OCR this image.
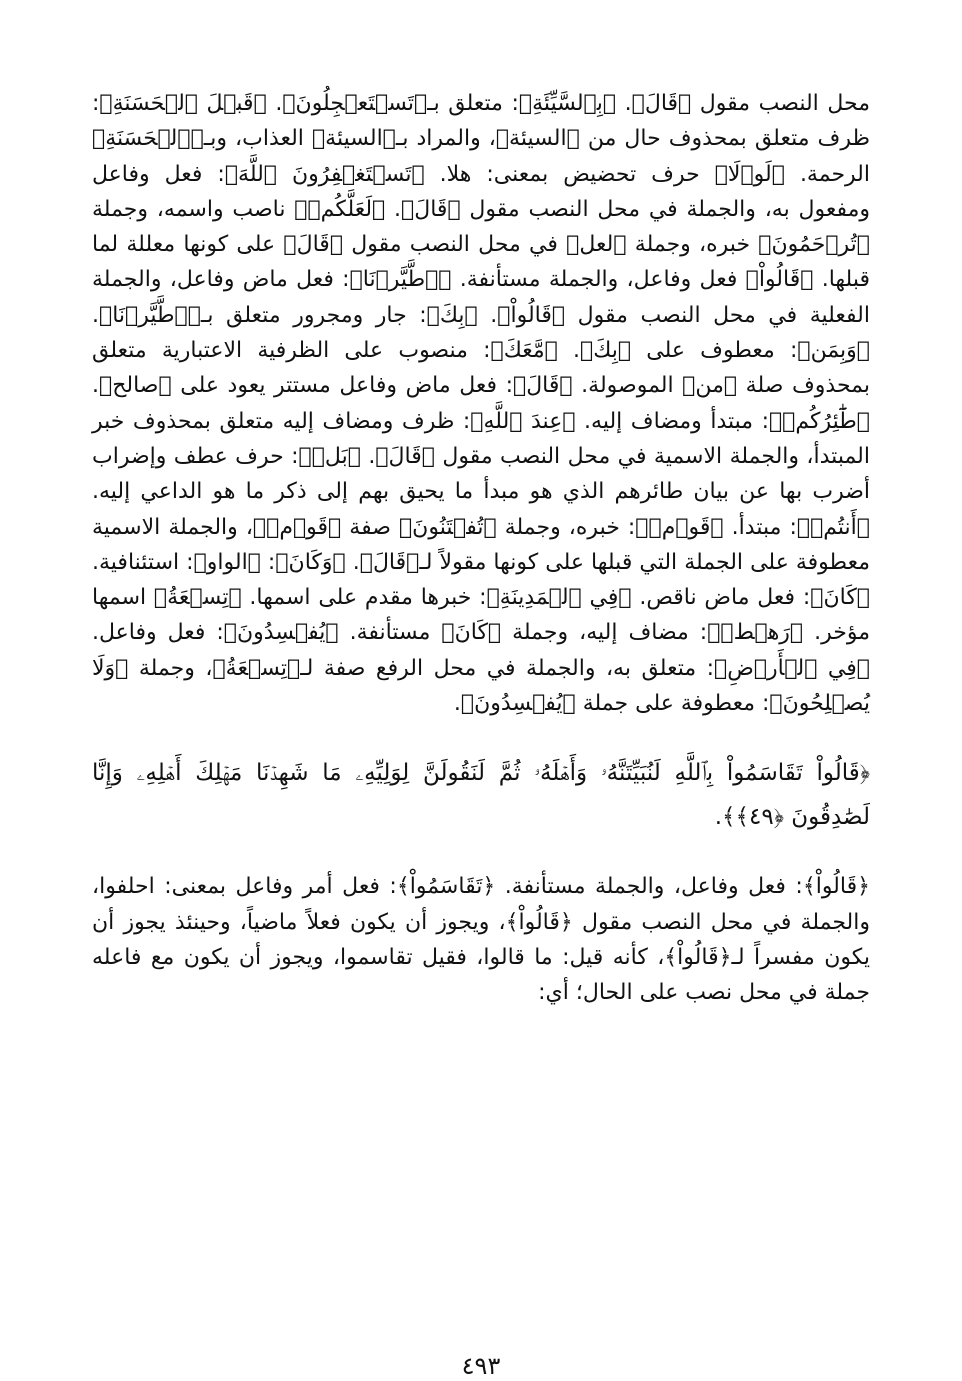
محل النصب مقول ﴿قَالَ﴾. ﴿بِٱلسَّيِّئَةِ﴾: متعلق بـ﴿تَسۡتَعۡجِلُونَ﴾. ﴿قَبۡلَ ٱلۡحَسَنَةِ﴾: ظرف متعلق بمحذوف حال من ﴿السيئة﴾، والمراد بـ﴿السيئة﴾ العذاب، وبـ﴿ٱلۡحَسَنَةِ﴾ الرحمة. ﴿لَوۡلَا﴾ حرف تحضيض بمعنى: هلا. ﴿تَسۡتَغۡفِرُونَ ٱللَّهَ﴾: فعل وفاعل ومفعول به، والجملة في محل النصب مقول ﴿قَالَ﴾. ﴿لَعَلَّكُمۡ﴾ ناصب واسمه، وجملة ﴿تُرۡحَمُونَ﴾ خبره، وجملة ﴿لعل﴾ في محل النصب مقول ﴿قَالَ﴾ على كونها معللة لما قبلها. ﴿قَالُواْ﴾ فعل وفاعل، والجملة مستأنفة. ﴿ٱطَّيَّرۡنَا﴾: فعل ماض وفاعل، والجملة الفعلية في محل النصب مقول ﴿قَالُواْ﴾. ﴿بِكَ﴾: جار ومجرور متعلق بـ﴿ٱطَّيَّرۡنَا﴾. ﴿وَبِمَن﴾: معطوف على ﴿بِكَ﴾. ﴿مَّعَكَ﴾: منصوب على الظرفية الاعتبارية متعلق بمحذوف صلة ﴿من﴾ الموصولة. ﴿قَالَ﴾: فعل ماض وفاعل مستتر يعود على ﴿صالح﴾. ﴿طَٰٓئِرُكُمۡ﴾: مبتدأ ومضاف إليه. ﴿عِندَ ٱللَّهِ﴾: ظرف ومضاف إليه متعلق بمحذوف خبر المبتدأ، والجملة الاسمية في محل النصب مقول ﴿قَالَ﴾. ﴿بَلۡ﴾: حرف عطف وإضراب أضرب بها عن بيان طائرهم الذي هو مبدأ ما يحيق بهم إلى ذكر ما هو الداعي إليه. ﴿أَنتُمۡ﴾: مبتدأ. ﴿قَوۡمٞ﴾: خبره، وجملة ﴿تُفۡتَنُونَ﴾ صفة ﴿قَوۡمٞ﴾، والجملة الاسمية معطوفة على الجملة التي قبلها على كونها مقولاً لـ﴿قَالَ﴾. ﴿وَكَانَ﴾: ﴿الواو﴾: استئنافية. ﴿كَانَ﴾: فعل ماض ناقص. ﴿فِي ٱلۡمَدِينَةِ﴾: خبرها مقدم على اسمها. ﴿تِسۡعَةُ﴾ اسمها مؤخر. ﴿رَهۡطٖ﴾: مضاف إليه، وجملة ﴿كَانَ﴾ مستأنفة. ﴿يُفۡسِدُونَ﴾: فعل وفاعل. ﴿فِي ٱلۡأَرۡضِ﴾: متعلق به، والجملة في محل الرفع صفة لـ﴿تِسۡعَةُ﴾، وجملة ﴿وَلَا يُصۡلِحُونَ﴾: معطوفة على جملة ﴿يُفۡسِدُونَ﴾.

﴿قَالُواْ تَقَاسَمُواْ بِٱللَّهِ لَنُبَيِّتَنَّهُۥ وَأَهۡلَهُۥ ثُمَّ لَنَقُولَنَّ لِوَلِيِّهِۦ مَا شَهِدۡنَا مَهۡلِكَ أَهۡلِهِۦ وَإِنَّا لَصَٰدِقُونَ ﴿٤٩﴾﴾.

﴿قَالُواْ﴾: فعل وفاعل، والجملة مستأنفة. ﴿تَقَاسَمُواْ﴾: فعل أمر وفاعل بمعنى: احلفوا، والجملة في محل النصب مقول ﴿قَالُواْ﴾، ويجوز أن يكون فعلاً ماضياً، وحينئذ يجوز أن يكون مفسراً لـ﴿قَالُواْ﴾، كأنه قيل: ما قالوا، فقيل تقاسموا، ويجوز أن يكون مع فاعله جملة في محل نصب على الحال؛ أي:

٤٩٣
